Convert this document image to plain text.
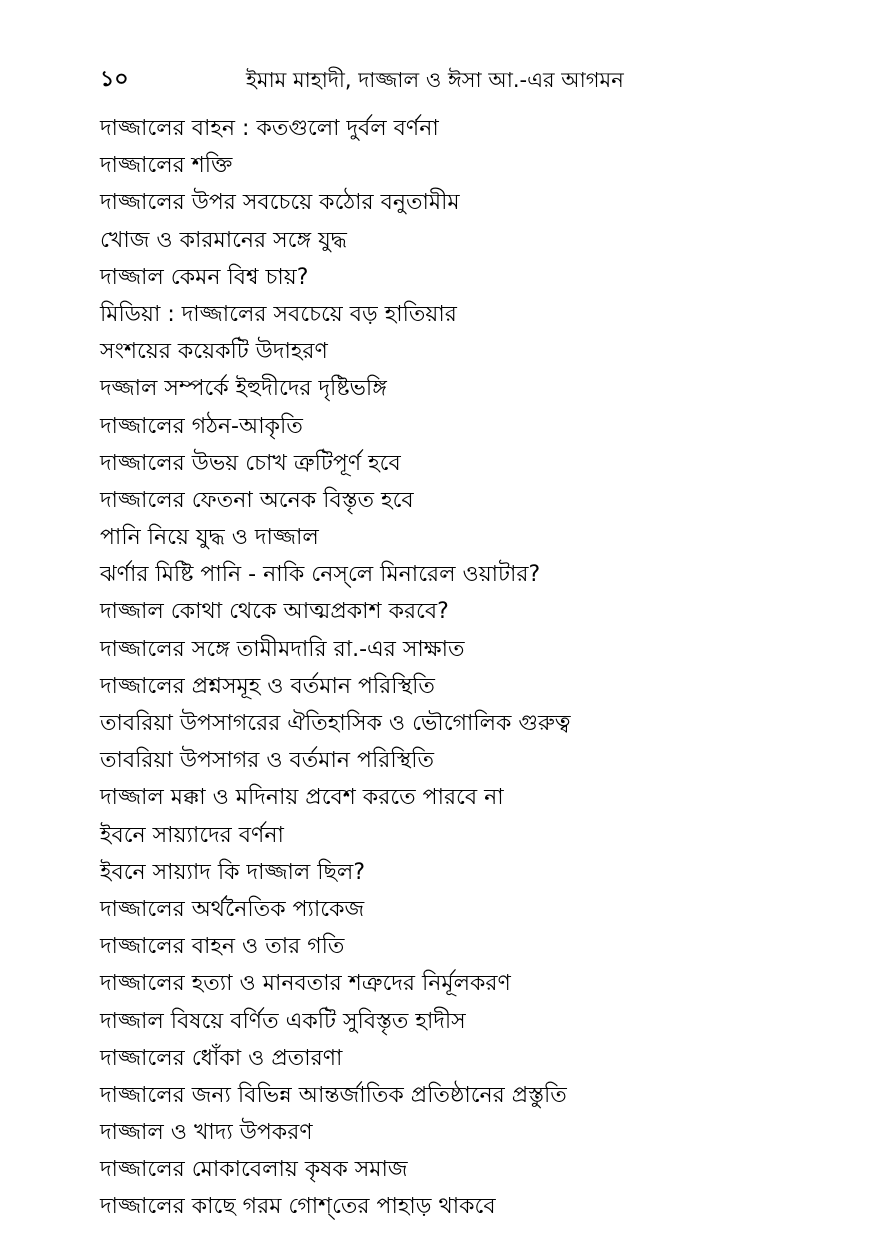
১০	ইমাম মাহাদী, দাজ্জাল ও ঈসা আ.-এর আগমন
দাজ্জালের বাহন : কতগুলো দুর্বল বর্ণনা
দাজ্জালের শক্তি
দাজ্জালের উপর সবচেয়ে কঠোর বনুতামীম
খোজ ও কারমানের সঙ্গে যুদ্ধ
দাজ্জাল কেমন বিশ্ব চায়?
মিডিয়া : দাজ্জালের সবচেয়ে বড় হাতিয়ার
সংশয়ের কয়েকটি উদাহরণ
দজ্জাল সম্পর্কে ইহুদীদের দৃষ্টিভঙ্গি
দাজ্জালের গঠন-আকৃতি
দাজ্জালের উভয় চোখ ত্রুটিপূর্ণ হবে
দাজ্জালের ফেতনা অনেক বিস্তৃত হবে
পানি নিয়ে যুদ্ধ ও দাজ্জাল
ঝর্ণার মিষ্টি পানি - নাকি নেস্‌লে মিনারেল ওয়াটার?
দাজ্জাল কোথা থেকে আত্মপ্রকাশ করবে?
দাজ্জালের সঙ্গে তামীমদারি রা.-এর সাক্ষাত
দাজ্জালের প্রশ্নসমূহ ও বর্তমান পরিস্থিতি
তাবরিয়া উপসাগরের ঐতিহাসিক ও ভৌগোলিক গুরুত্ব
তাবরিয়া উপসাগর ও বর্তমান পরিস্থিতি
দাজ্জাল মক্কা ও মদিনায় প্রবেশ করতে পারবে না
ইবনে সায়্যাদের বর্ণনা
ইবনে সায়্যাদ কি দাজ্জাল ছিল?
দাজ্জালের অর্থনৈতিক প্যাকেজ
দাজ্জালের বাহন ও তার গতি
দাজ্জালের হত্যা ও মানবতার শত্রুদের নির্মূলকরণ
দাজ্জাল বিষয়ে বর্ণিত একটি সুবিস্তৃত হাদীস
দাজ্জালের ধোঁকা ও প্রতারণা
দাজ্জালের জন্য বিভিন্ন আন্তর্জাতিক প্রতিষ্ঠানের প্রস্তুতি
দাজ্জাল ও খাদ্য উপকরণ
দাজ্জালের মোকাবেলায় কৃষক সমাজ
দাজ্জালের কাছে গরম গোশ্‌তের পাহাড় থাকবে
